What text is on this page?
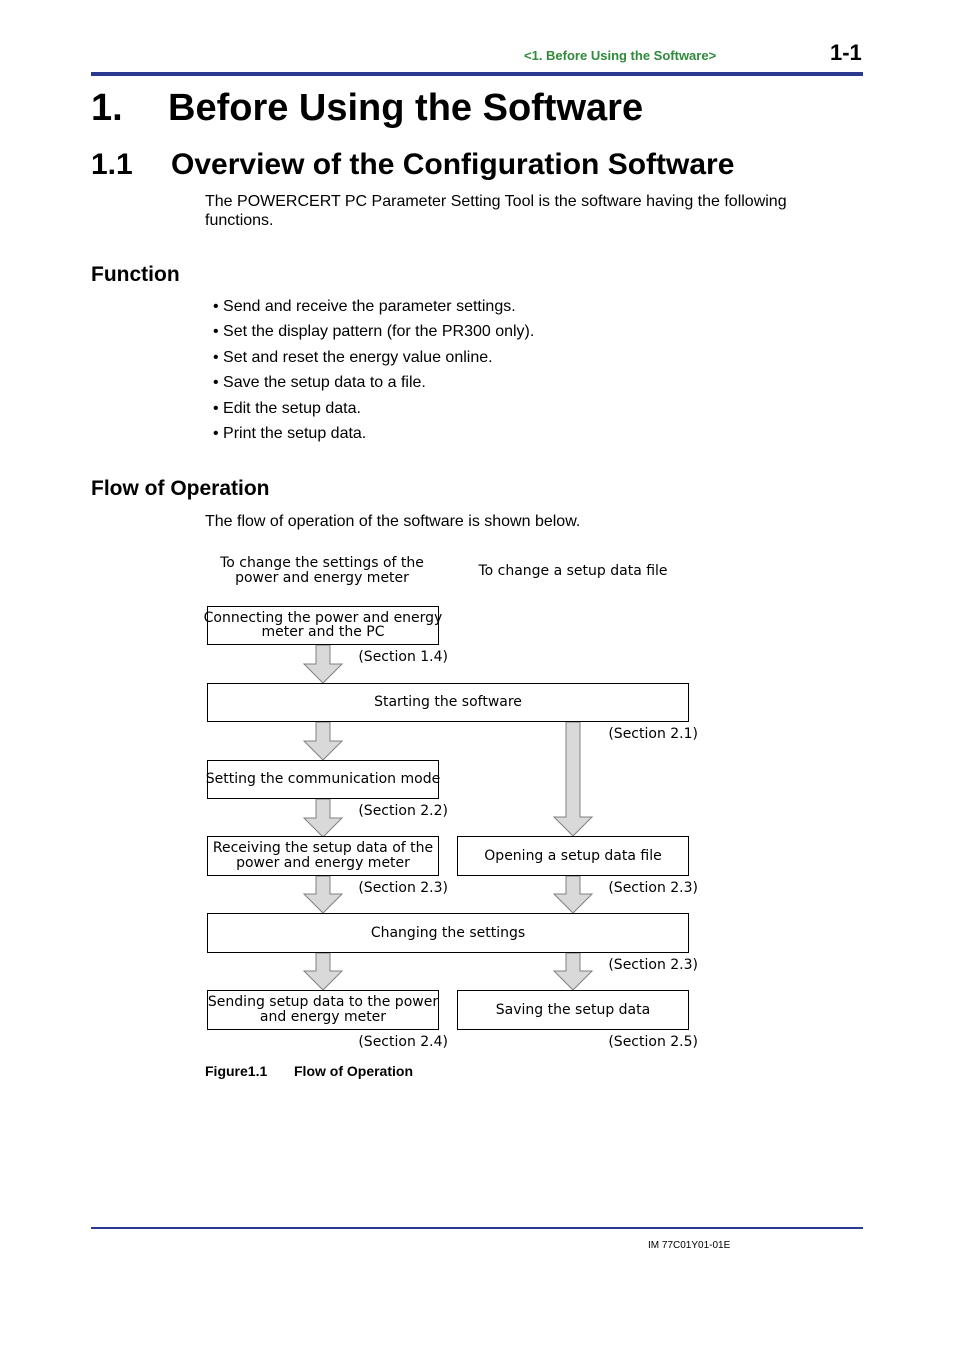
<1. Before Using the Software>	1-1
1. Before Using the Software
1.1 Overview of the Configuration Software
The POWERCERT PC Parameter Setting Tool is the software having the following functions.
Function
• Send and receive the parameter settings.
• Set the display pattern (for the PR300 only).
• Set and reset the energy value online.
• Save the setup data to a file.
• Edit the setup data.
• Print the setup data.
Flow of Operation
The flow of operation of the software is shown below.
To change the settings of the
power and energy meter	To change a setup data file
Connecting the power and energy
meter and the PC
Starting the software
Setting the communication mode
Receiving the setup data of the
power and energy meter	Opening a setup data file
Changing the settings
Sending setup data to the power
and energy meter	Saving the setup data
(Section 1.4)
(Section 2.1)
(Section 2.2)
(Section 2.3)	(Section 2.3)
(Section 2.3)
(Section 2.4)	(Section 2.5)
Figure1.1 Flow of Operation
IM 77C01Y01-01E
